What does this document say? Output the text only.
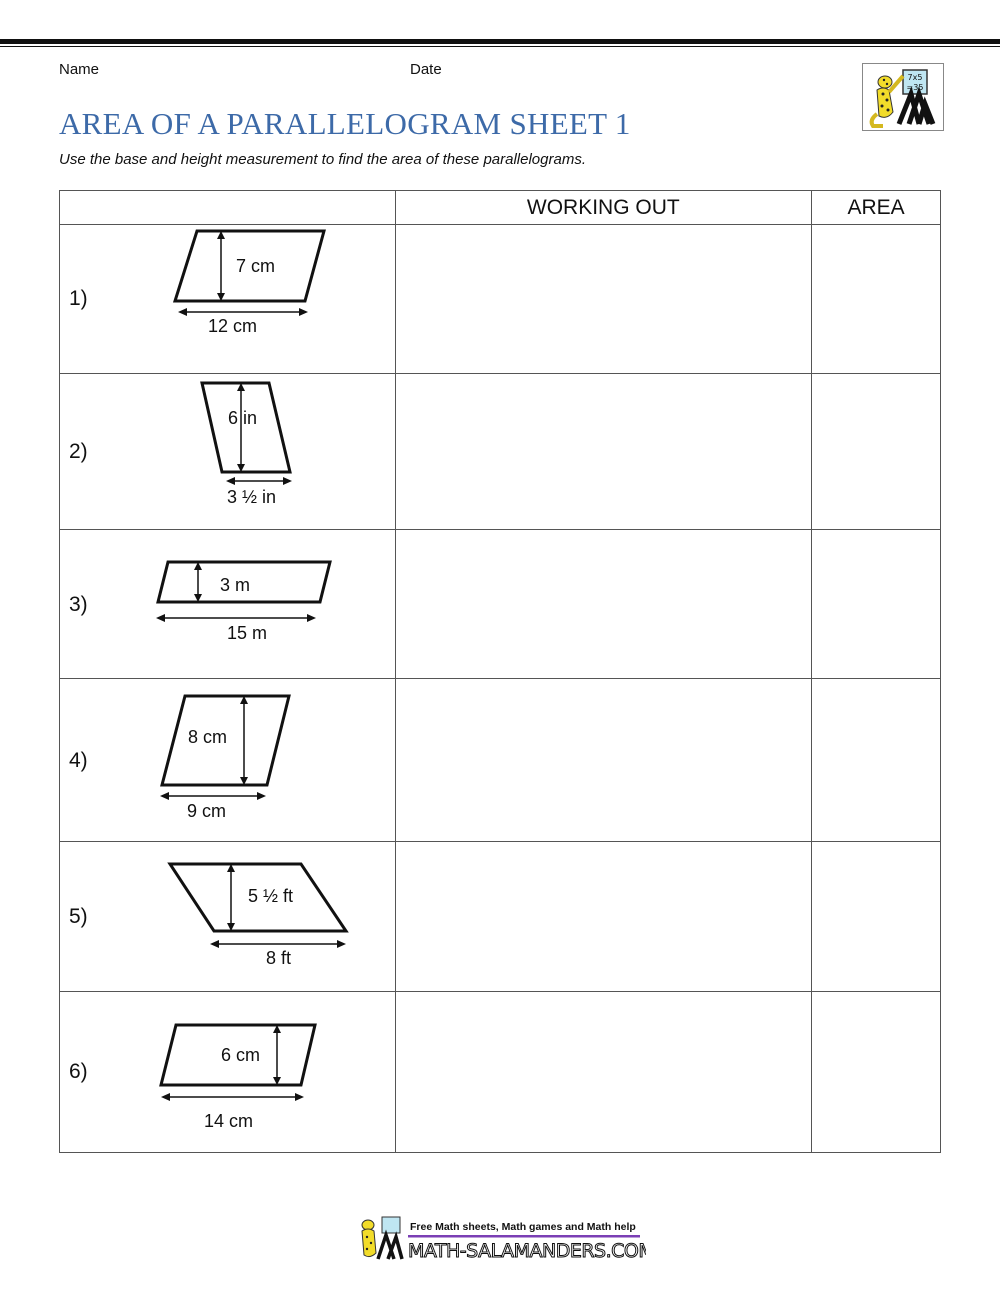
Name	Date	7x5
=35
AREA OF A PARALLELOGRAM SHEET 1
Use the base and height measurement to find the area of these parallelograms.
	WORKING OUT	AREA

1)
7 cm
12 cm		

2)
6 in
3 ½ in		

3)
3 m
15 m		

4)
8 cm
9 cm		

5)
5 ½ ft
8 ft		

6)
6 cm
14 cm		

Free Math sheets, Math games and Math help
MATH-SALAMANDERS.COM
